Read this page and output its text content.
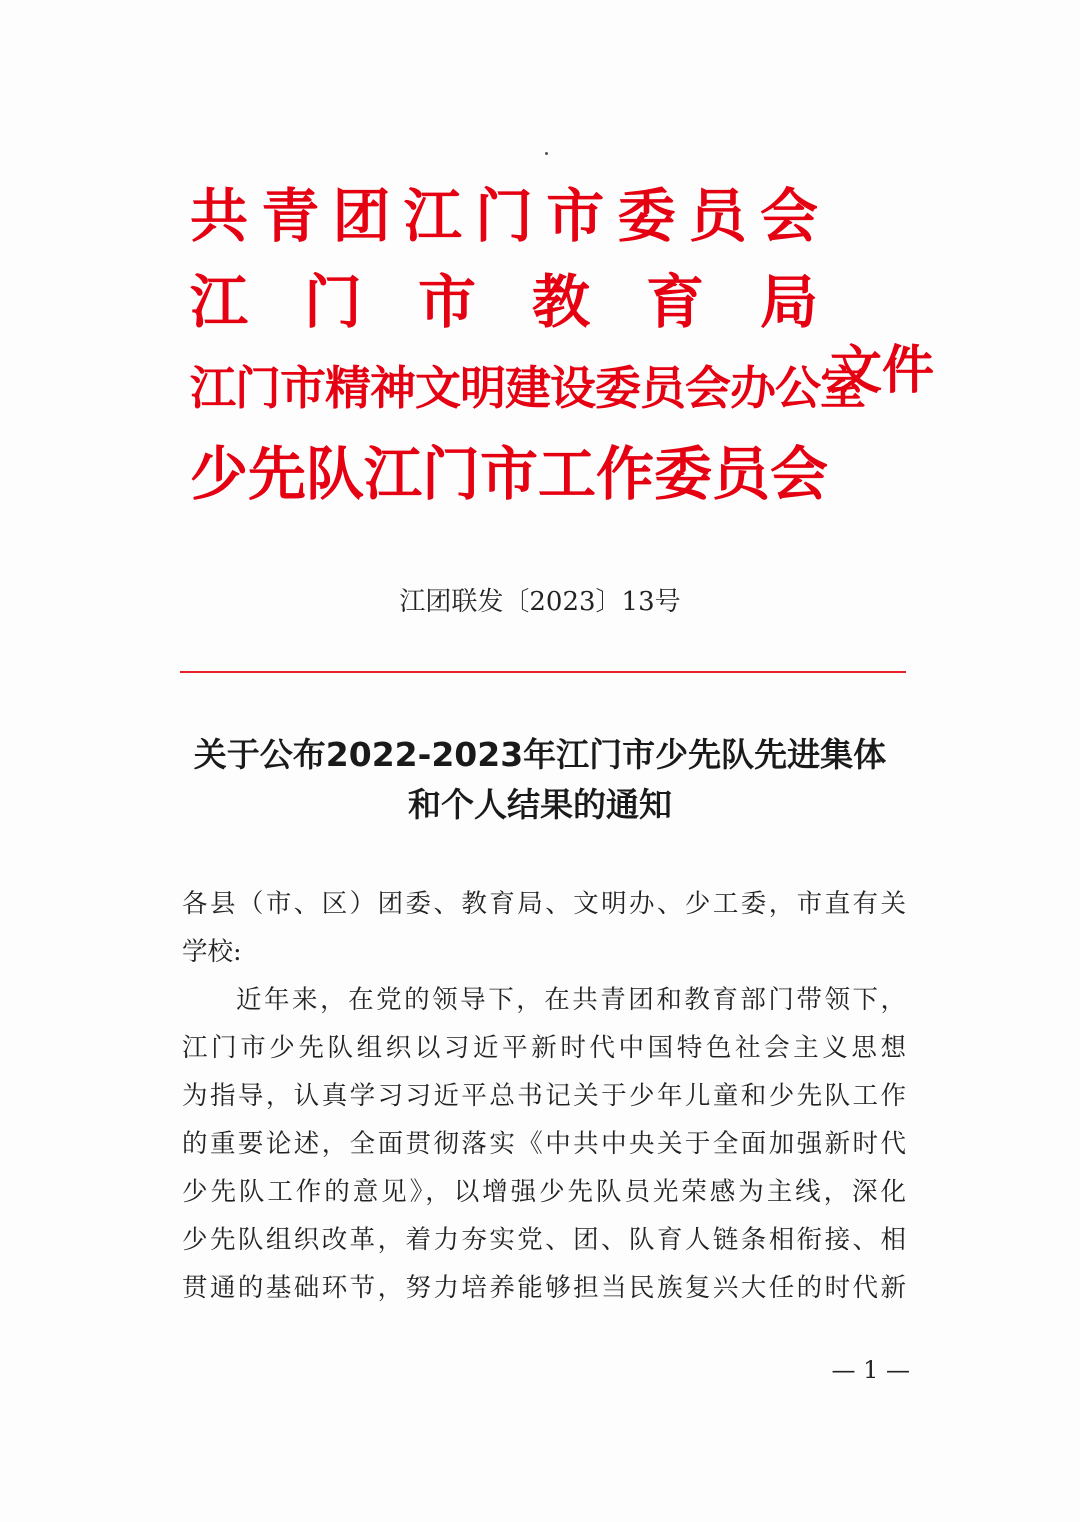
共青团江门市委员会
江门市教育局
江门市精神文明建设委员会办公室
少先队江门市工作委员会
文件
江团联发〔2023〕13号
关于公布2022-2023年江门市少先队先进集体
和个人结果的通知
各县（市、区）团委、教育局、文明办、少工委，市直有关
学校:
近年来，在党的领导下，在共青团和教育部门带领下，
江门市少先队组织以习近平新时代中国特色社会主义思想
为指导，认真学习习近平总书记关于少年儿童和少先队工作
的重要论述，全面贯彻落实《中共中央关于全面加强新时代
少先队工作的意见》，以增强少先队员光荣感为主线，深化
少先队组织改革，着力夯实党、团、队育人链条相衔接、相
贯通的基础环节，努力培养能够担当民族复兴大任的时代新
— 1 —
